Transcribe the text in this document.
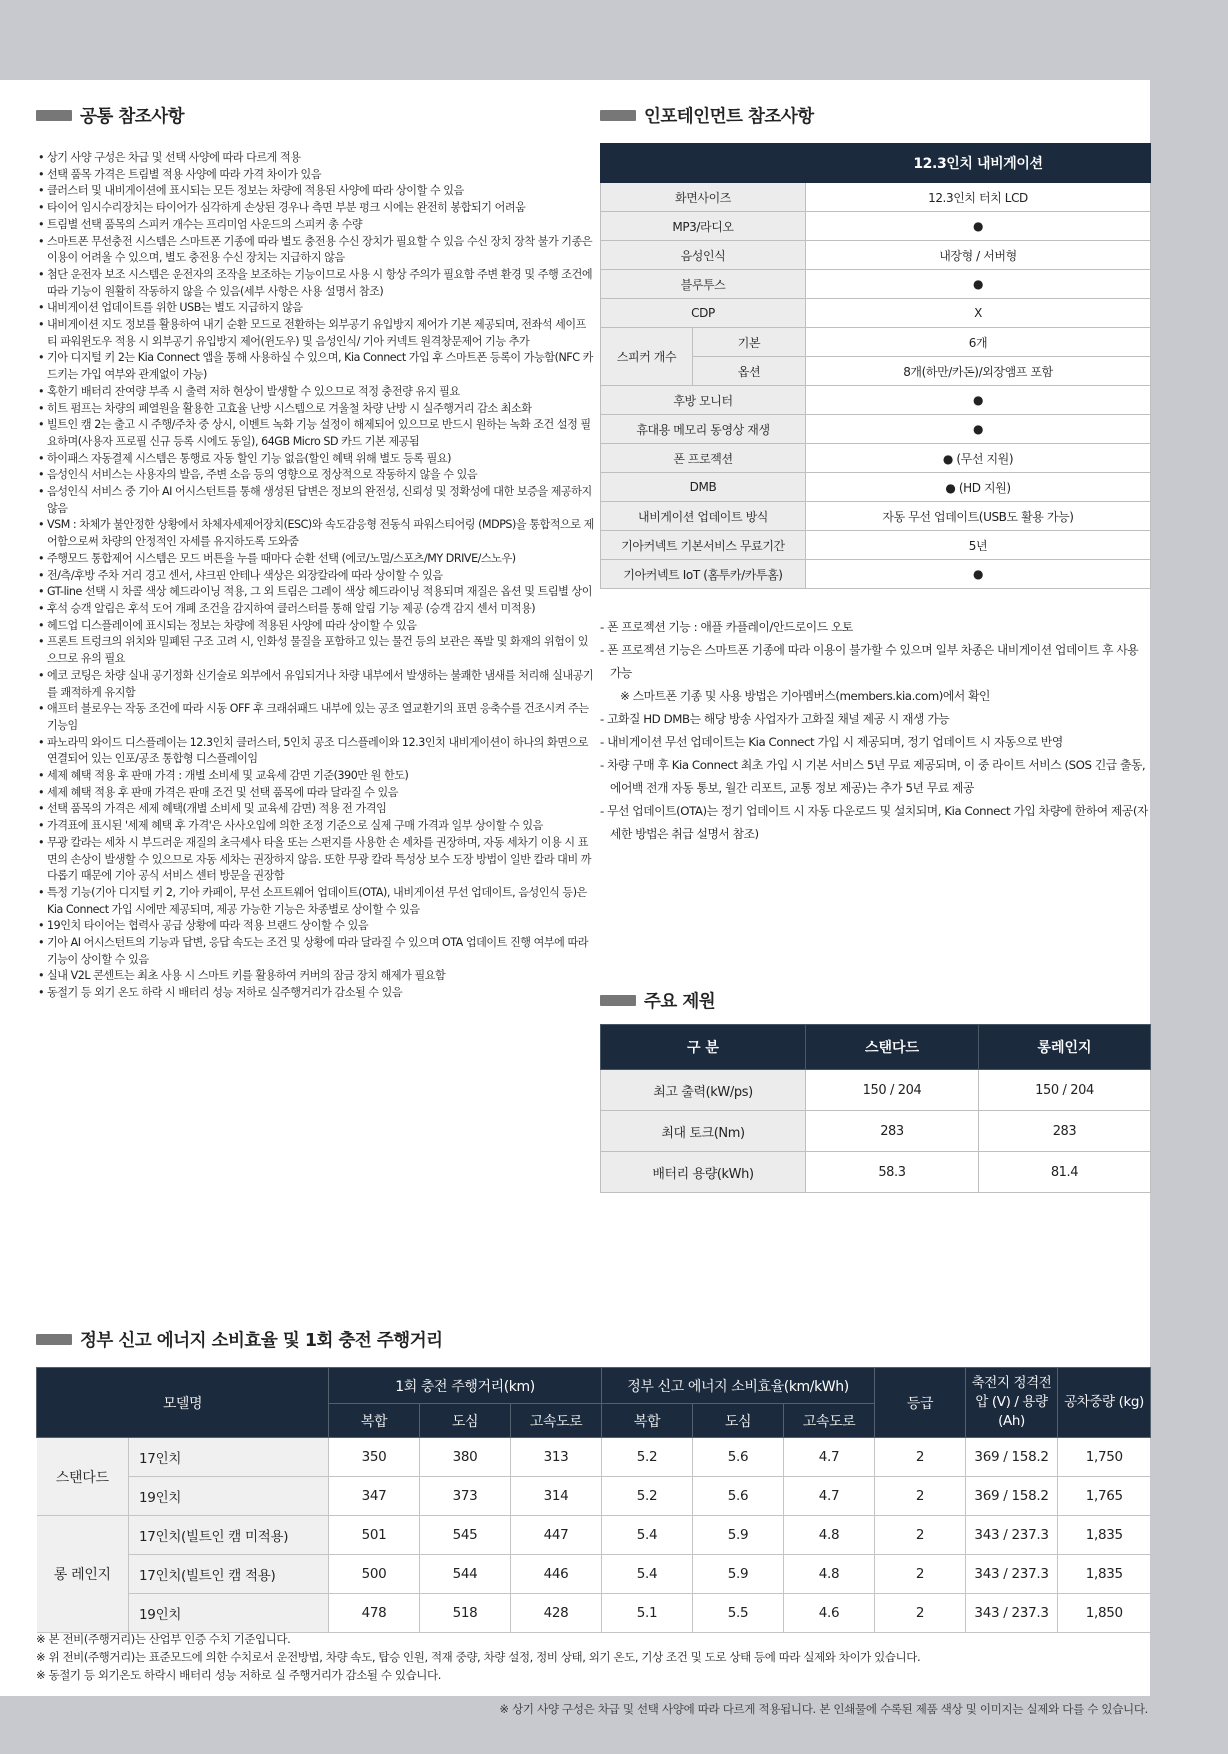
공통 참조사항
• 상기 사양 구성은 차급 및 선택 사양에 따라 다르게 적용
• 선택 품목 가격은 트림별 적용 사양에 따라 가격 차이가 있음
• 클러스터 및 내비게이션에 표시되는 모든 정보는 차량에 적용된 사양에 따라 상이할 수 있음
• 타이어 임시수리장치는 타이어가 심각하게 손상된 경우나 측면 부분 펑크 시에는 완전히 봉합되기 어려움
• 트림별 선택 품목의 스피커 개수는 프리미엄 사운드의 스피커 총 수량
• 스마트폰 무선충전 시스템은 스마트폰 기종에 따라 별도 충전용 수신 장치가 필요할 수 있음 수신 장치 장착 불가 기종은 이용이 어려울 수 있으며, 별도 충전용 수신 장치는 지급하지 않음
• 첨단 운전자 보조 시스템은 운전자의 조작을 보조하는 기능이므로 사용 시 항상 주의가 필요함 주변 환경 및 주행 조건에 따라 기능이 원활히 작동하지 않을 수 있음(세부 사항은 사용 설명서 참조)
• 내비게이션 업데이트를 위한 USB는 별도 지급하지 않음
• 내비게이션 지도 정보를 활용하여 내기 순환 모드로 전환하는 외부공기 유입방지 제어가 기본 제공되며, 전좌석 세이프티 파워윈도우 적용 시 외부공기 유입방지 제어(윈도우) 및 음성인식/ 기아 커넥트 원격창문제어 기능 추가
• 기아 디지털 키 2는 Kia Connect 앱을 통해 사용하실 수 있으며, Kia Connect 가입 후 스마트폰 등록이 가능함(NFC 카드키는 가입 여부와 관계없이 가능)
• 혹한기 배터리 잔여량 부족 시 출력 저하 현상이 발생할 수 있으므로 적정 충전량 유지 필요
• 히트 펌프는 차량의 폐열원을 활용한 고효율 난방 시스템으로 겨울철 차량 난방 시 실주행거리 감소 최소화
• 빌트인 캠 2는 출고 시 주행/주차 중 상시, 이벤트 녹화 기능 설정이 해제되어 있으므로 반드시 원하는 녹화 조건 설정 필요하며(사용자 프로필 신규 등록 시에도 동일), 64GB Micro SD 카드 기본 제공됨
• 하이패스 자동결제 시스템은 통행료 자동 할인 기능 없음(할인 혜택 위해 별도 등록 필요)
• 음성인식 서비스는 사용자의 발음, 주변 소음 등의 영향으로 정상적으로 작동하지 않을 수 있음
• 음성인식 서비스 중 기아 AI 어시스턴트를 통해 생성된 답변은 정보의 완전성, 신뢰성 및 정확성에 대한 보증을 제공하지 않음
• VSM : 차체가 불안정한 상황에서 차체자세제어장치(ESC)와 속도감응형 전동식 파워스티어링 (MDPS)을 통합적으로 제어함으로써 차량의 안정적인 자세를 유지하도록 도와줌
• 주행모드 통합제어 시스템은 모드 버튼을 누를 때마다 순환 선택 (에코/노멀/스포츠/MY DRIVE/스노우)
• 전/측/후방 주차 거리 경고 센서, 샤크핀 안테나 색상은 외장칼라에 따라 상이할 수 있음
• GT-line 선택 시 차콜 색상 헤드라이닝 적용, 그 외 트림은 그레이 색상 헤드라이닝 적용되며 재질은 옵션 및 트림별 상이
• 후석 승객 알림은 후석 도어 개폐 조건을 감지하여 클러스터를 통해 알림 기능 제공 (승객 감지 센서 미적용)
• 헤드업 디스플레이에 표시되는 정보는 차량에 적용된 사양에 따라 상이할 수 있음
• 프론트 트렁크의 위치와 밀폐된 구조 고려 시, 인화성 물질을 포함하고 있는 물건 등의 보관은 폭발 및 화재의 위험이 있으므로 유의 필요
• 에코 코팅은 차량 실내 공기정화 신기술로 외부에서 유입되거나 차량 내부에서 발생하는 불쾌한 냄새를 처리해 실내공기를 쾌적하게 유지함
• 애프터 블로우는 작동 조건에 따라 시동 OFF 후 크래쉬패드 내부에 있는 공조 열교환기의 표면 응축수를 건조시켜 주는 기능임
• 파노라믹 와이드 디스플레이는 12.3인치 클러스터, 5인치 공조 디스플레이와 12.3인치 내비게이션이 하나의 화면으로 연결되어 있는 인포/공조 통합형 디스플레이임
• 세제 혜택 적용 후 판매 가격 : 개별 소비세 및 교육세 감면 기준(390만 원 한도)
• 세제 혜택 적용 후 판매 가격은 판매 조건 및 선택 품목에 따라 달라질 수 있음
• 선택 품목의 가격은 세제 혜택(개별 소비세 및 교육세 감면) 적용 전 가격임
• 가격표에 표시된 '세제 혜택 후 가격'은 사사오입에 의한 조정 기준으로 실제 구매 가격과 일부 상이할 수 있음
• 무광 칼라는 세차 시 부드러운 재질의 초극세사 타올 또는 스펀지를 사용한 손 세차를 권장하며, 자동 세차기 이용 시 표면의 손상이 발생할 수 있으므로 자동 세차는 권장하지 않음. 또한 무광 칼라 특성상 보수 도장 방법이 일반 칼라 대비 까다롭기 때문에 기아 공식 서비스 센터 방문을 권장함
• 특정 기능(기아 디지털 키 2, 기아 카페이, 무선 소프트웨어 업데이트(OTA), 내비게이션 무선 업데이트, 음성인식 등)은 Kia Connect 가입 시에만 제공되며, 제공 가능한 기능은 차종별로 상이할 수 있음
• 19인치 타이어는 협력사 공급 상황에 따라 적용 브랜드 상이할 수 있음
• 기아 AI 어시스턴트의 기능과 답변, 응답 속도는 조건 및 상황에 따라 달라질 수 있으며 OTA 업데이트 진행 여부에 따라 기능이 상이할 수 있음
• 실내 V2L 콘센트는 최초 사용 시 스마트 키를 활용하여 커버의 잠금 장치 해제가 필요함
• 동절기 등 외기 온도 하락 시 배터리 성능 저하로 실주행거리가 감소될 수 있음
인포테인먼트 참조사항
		12.3인치 내비게이션
화면사이즈		12.3인치 터치 LCD
MP3/라디오		●
음성인식		내장형 / 서버형
블루투스		●
CDP		X
스피커 개수	기본	6개
	옵션	8개(하만/카돈)/외장앰프 포함
후방 모니터		●
휴대용 메모리 동영상 재생		●
폰 프로젝션		● (무선 지원)
DMB		● (HD 지원)
내비게이션 업데이트 방식		자동 무선 업데이트(USB도 활용 가능)
기아커넥트 기본서비스 무료기간		5년
기아커넥트 IoT (홈투카/카투홈)		●
- 폰 프로젝션 기능 : 애플 카플레이/안드로이드 오토
- 폰 프로젝션 기능은 스마트폰 기종에 따라 이용이 불가할 수 있으며 일부 차종은 내비게이션 업데이트 후 사용 가능
※ 스마트폰 기종 및 사용 방법은 기아멤버스(members.kia.com)에서 확인
- 고화질 HD DMB는 해당 방송 사업자가 고화질 채널 제공 시 재생 가능
- 내비게이션 무선 업데이트는 Kia Connect 가입 시 제공되며, 정기 업데이트 시 자동으로 반영
- 차량 구매 후 Kia Connect 최초 가입 시 기본 서비스 5년 무료 제공되며, 이 중 라이트 서비스 (SOS 긴급 출동, 에어백 전개 자동 통보, 월간 리포트, 교통 정보 제공)는 추가 5년 무료 제공
- 무선 업데이트(OTA)는 정기 업데이트 시 자동 다운로드 및 설치되며, Kia Connect 가입 차량에 한하여 제공(자세한 방법은 취급 설명서 참조)
주요 제원
구 분	스탠다드	롱레인지
최고 출력(kW/ps)	150 / 204	150 / 204
최대 토크(Nm)	283	283
배터리 용량(kWh)	58.3	81.4
정부 신고 에너지 소비효율 및 1회 충전 주행거리
모델명		1회 충전 주행거리(km)			정부 신고 에너지 소비효율(km/kWh)			등급	축전지 정격전압 (V) / 용량 (Ah)	공차중량 (kg)
		복합	도심	고속도로	복합	도심	고속도로			
스탠다드	17인치	350	380	313	5.2	5.6	4.7	2	369 / 158.2	1,750
	19인치	347	373	314	5.2	5.6	4.7	2	369 / 158.2	1,765
롱 레인지	17인치(빌트인 캠 미적용)	501	545	447	5.4	5.9	4.8	2	343 / 237.3	1,835
	17인치(빌트인 캠 적용)	500	544	446	5.4	5.9	4.8	2	343 / 237.3	1,835
	19인치	478	518	428	5.1	5.5	4.6	2	343 / 237.3	1,850
※ 본 전비(주행거리)는 산업부 인증 수치 기준입니다.
※ 위 전비(주행거리)는 표준모드에 의한 수치로서 운전방법, 차량 속도, 탑승 인원, 적재 중량, 차량 설정, 정비 상태, 외기 온도, 기상 조건 및 도로 상태 등에 따라 실제와 차이가 있습니다.
※ 동절기 등 외기온도 하락시 배터리 성능 저하로 실 주행거리가 감소될 수 있습니다.
※ 상기 사양 구성은 차급 및 선택 사양에 따라 다르게 적용됩니다. 본 인쇄물에 수록된 제품 색상 및 이미지는 실제와 다를 수 있습니다.
